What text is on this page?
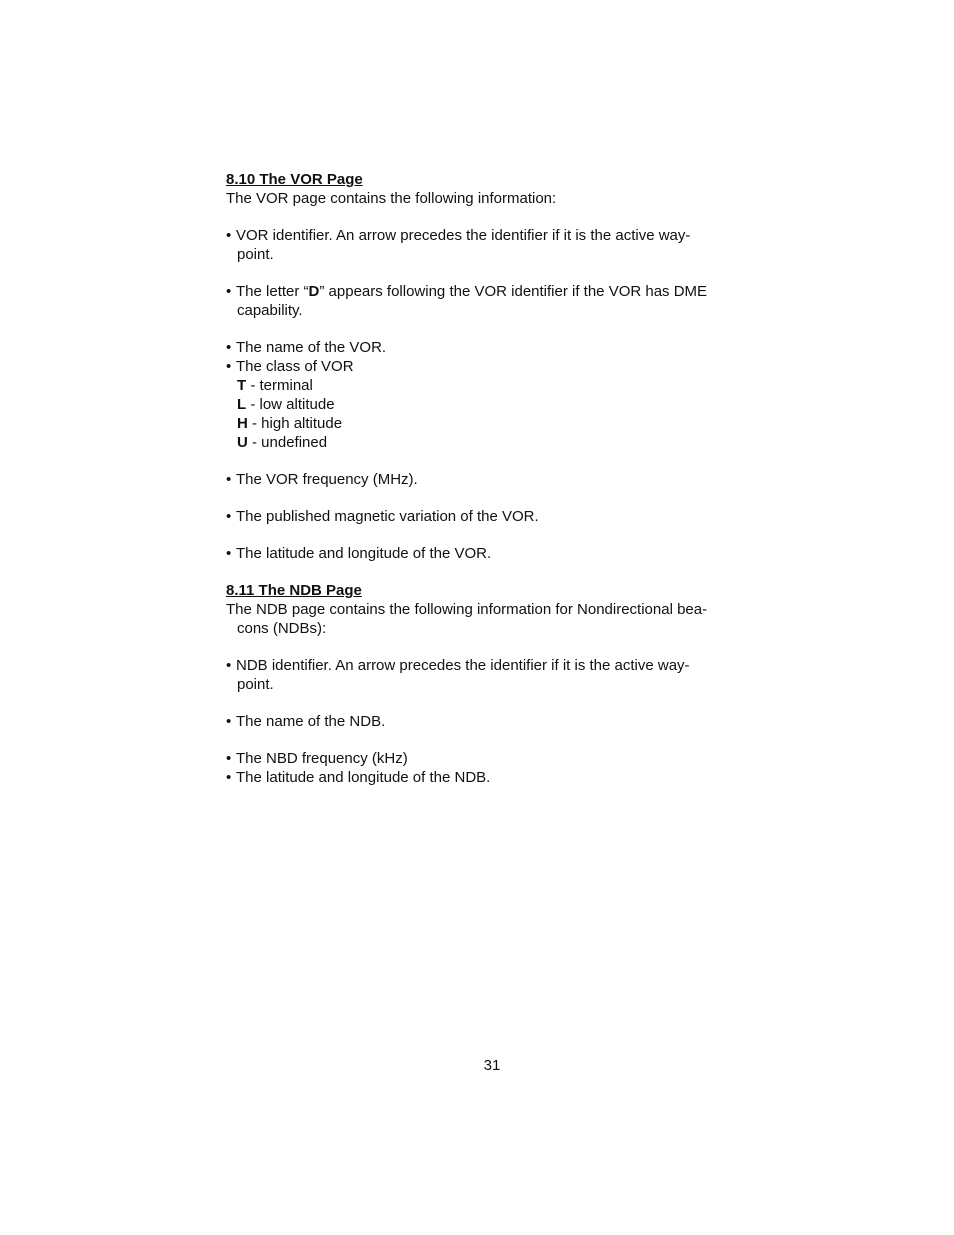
8.10 The VOR Page

The VOR page contains the following information:

• VOR identifier. An arrow precedes the identifier if it is the active way-
point.
• The letter “D” appears following the VOR identifier if the VOR has DME
capability.
• The name of the VOR.
• The class of VOR
T - terminal
L - low altitude
H - high altitude
U - undefined
• The VOR frequency (MHz).
• The published magnetic variation of the VOR.
• The latitude and longitude of the VOR.

8.11 The NDB Page

The NDB page contains the following information for Nondirectional bea-

cons (NDBs):
• NDB identifier. An arrow precedes the identifier if it is the active way-
point.
• The name of the NDB.
• The NBD frequency (kHz)
• The latitude and longitude of the NDB.
31
